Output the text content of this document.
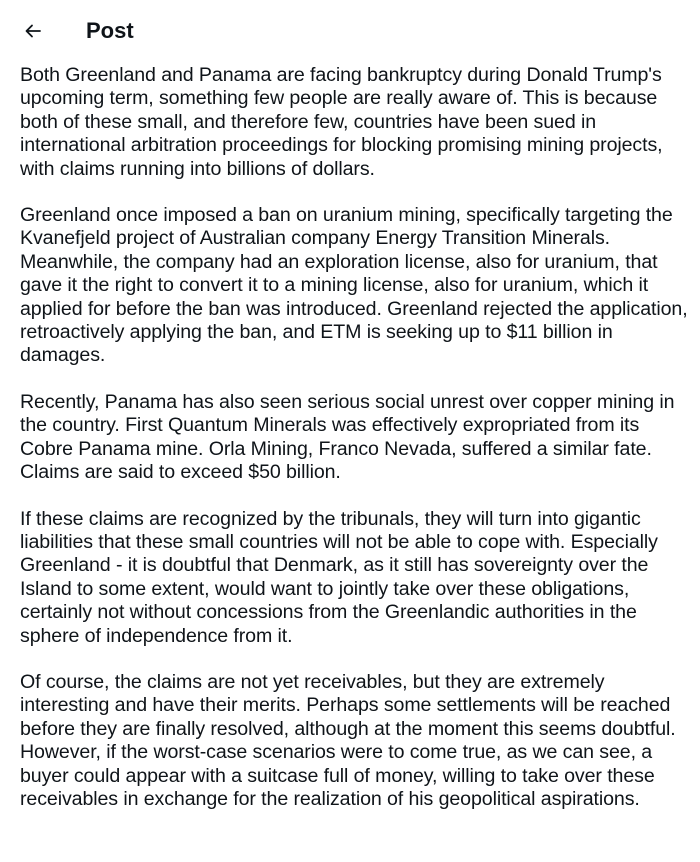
Post

Both Greenland and Panama are facing bankruptcy during Donald Trump's upcoming term, something few people are really aware of. This is because both of these small, and therefore few, countries have been sued in international arbitration proceedings for blocking promising mining projects, with claims running into billions of dollars.

Greenland once imposed a ban on uranium mining, specifically targeting the Kvanefjeld project of Australian company Energy Transition Minerals. Meanwhile, the company had an exploration license, also for uranium, that gave it the right to convert it to a mining license, also for uranium, which it applied for before the ban was introduced. Greenland rejected the application, retroactively applying the ban, and ETM is seeking up to $11 billion in damages.

Recently, Panama has also seen serious social unrest over copper mining in the country. First Quantum Minerals was effectively expropriated from its Cobre Panama mine. Orla Mining, Franco Nevada, suffered a similar fate. Claims are said to exceed $50 billion.

If these claims are recognized by the tribunals, they will turn into gigantic liabilities that these small countries will not be able to cope with. Especially Greenland - it is doubtful that Denmark, as it still has sovereignty over the Island to some extent, would want to jointly take over these obligations, certainly not without concessions from the Greenlandic authorities in the sphere of independence from it.

Of course, the claims are not yet receivables, but they are extremely interesting and have their merits. Perhaps some settlements will be reached before they are finally resolved, although at the moment this seems doubtful. However, if the worst-case scenarios were to come true, as we can see, a buyer could appear with a suitcase full of money, willing to take over these receivables in exchange for the realization of his geopolitical aspirations.
